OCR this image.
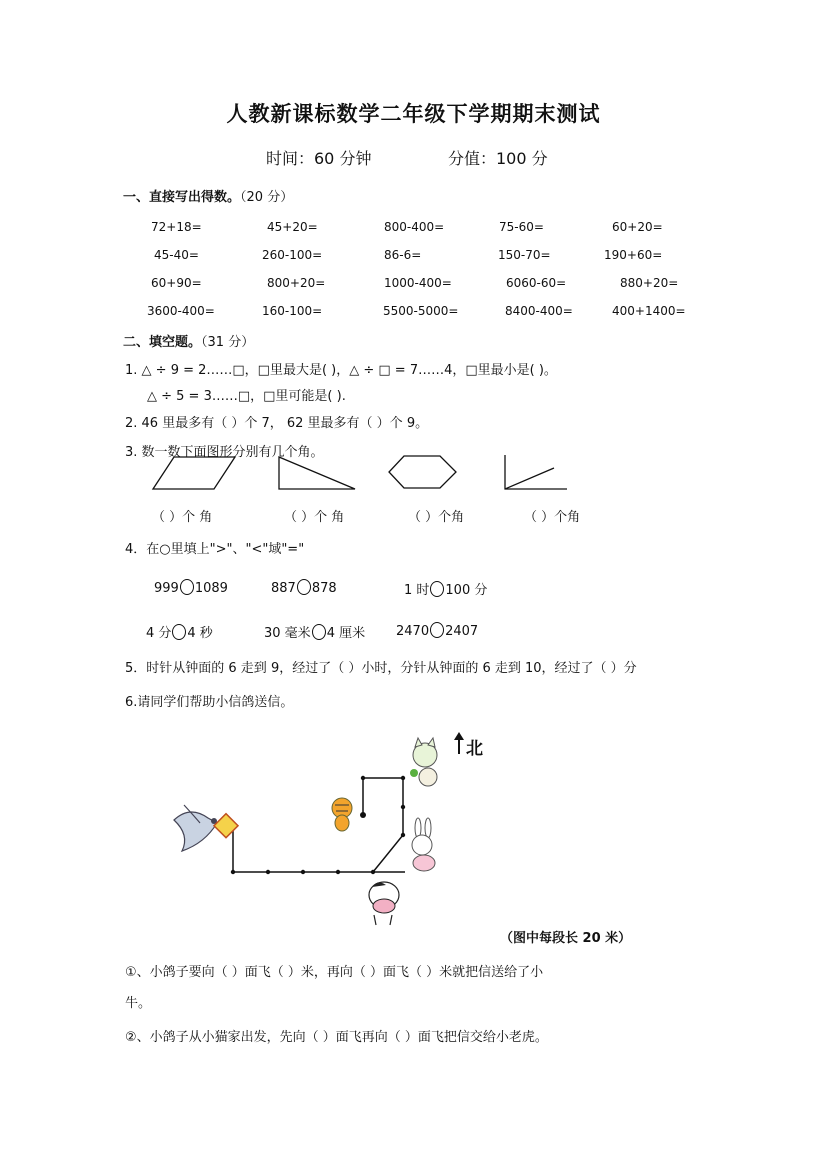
人教新课标数学二年级下学期期末测试
时间：60 分钟	分值：100 分
一、直接写出得数。（20 分）
72+18=	45+20=	800-400=	75-60=	60+20=
45-40=	260-100=	86-6=	150-70=	190+60=
60+90=	800+20=	1000-400=	6060-60=	880+20=
3600-400=	160-100=	5500-5000=	8400-400=	400+1400=
二、填空题。（31 分）
1. △ ÷ 9 = 2……□，□里最大是( )，△ ÷ □ = 7……4，□里最小是( )。
△ ÷ 5 = 3……□，□里可能是( ).
2. 46 里最多有（ ）个 7， 62 里最多有（ ）个 9。
3. 数一数下面图形分别有几个角。
（ ）个 角	（ ）个 角	（ ）个角	（ ）个角
4．在○里填上">"、"<"域"="
999 1089	887 878	1 时 100 分
4 分 4 秒	30 毫米 4 厘米 2470 2407
5．时针从钟面的 6 走到 9，经过了（ ）小时，分针从钟面的 6 走到 10，经过了（ ）分
6.请同学们帮助小信鸽送信。
北
（图中每段长 20 米）
①、小鸽子要向（ ）面飞（ ）米，再向（ ）面飞（ ）米就把信送给了小
牛。
②、小鸽子从小猫家出发，先向（ ）面飞再向（ ）面飞把信交给小老虎。
